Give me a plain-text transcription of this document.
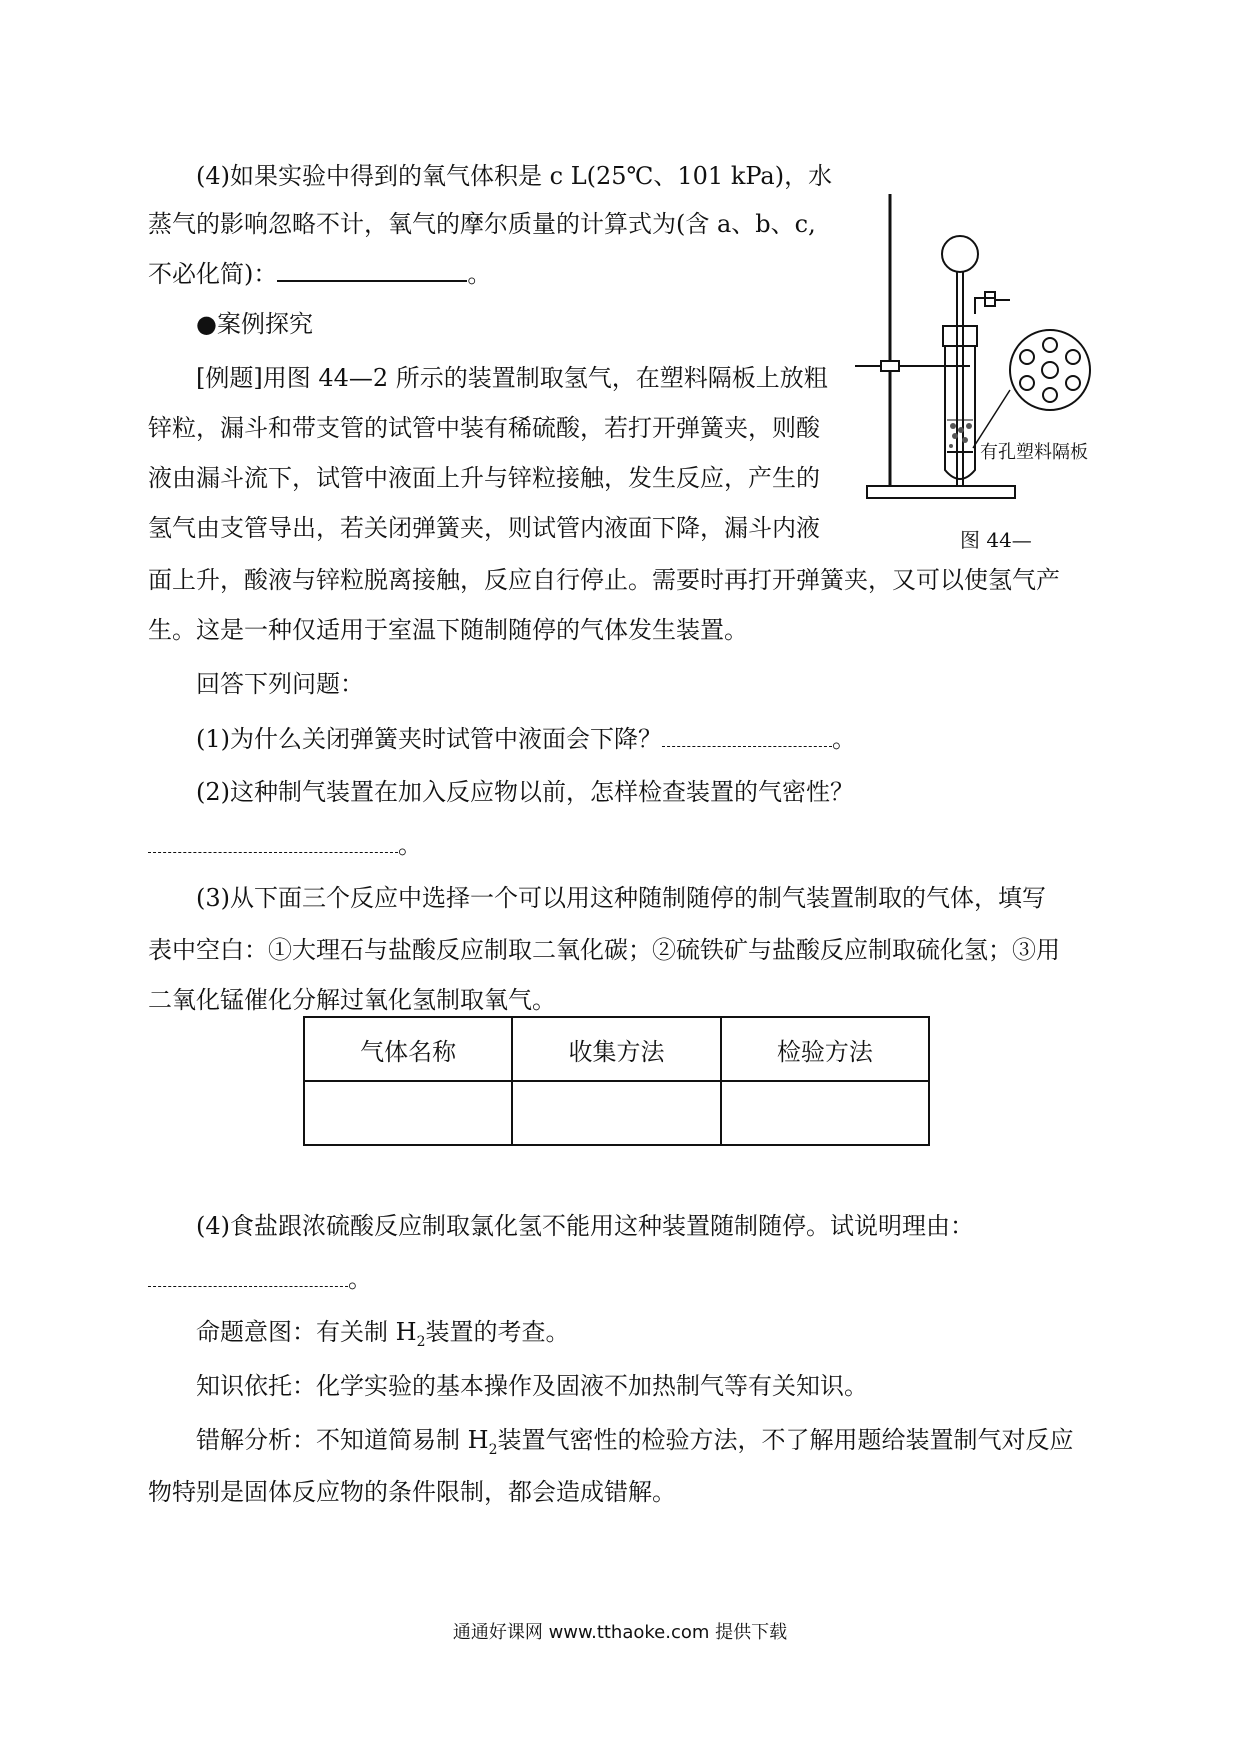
(4)如果实验中得到的氧气体积是 c L(25℃、101 kPa)，水
蒸气的影响忽略不计，氧气的摩尔质量的计算式为(含 a、b、c,
不必化简)：	。
●案例探究
[例题]用图 44—2 所示的装置制取氢气，在塑料隔板上放粗
锌粒，漏斗和带支管的试管中装有稀硫酸，若打开弹簧夹，则酸
液由漏斗流下，试管中液面上升与锌粒接触，发生反应，产生的
氢气由支管导出，若关闭弹簧夹，则试管内液面下降，漏斗内液
面上升，酸液与锌粒脱离接触，反应自行停止。需要时再打开弹簧夹，又可以使氢气产
生。这是一种仅适用于室温下随制随停的气体发生装置。
有孔塑料隔板
图 44—
回答下列问题：
(1)为什么关闭弹簧夹时试管中液面会下降？	。
(2)这种制气装置在加入反应物以前，怎样检查装置的气密性？
。
(3)从下面三个反应中选择一个可以用这种随制随停的制气装置制取的气体，填写
表中空白：①大理石与盐酸反应制取二氧化碳；②硫铁矿与盐酸反应制取硫化氢；③用
二氧化锰催化分解过氧化氢制取氧气。
气体名称	收集方法	检验方法

(4)食盐跟浓硫酸反应制取氯化氢不能用这种装置随制随停。试说明理由：
。
命题意图：有关制 $H_2$装置的考查。
知识依托：化学实验的基本操作及固液不加热制气等有关知识。
错解分析：不知道简易制 $H_2$装置气密性的检验方法，不了解用题给装置制气对反应
物特别是固体反应物的条件限制，都会造成错解。
通通好课网 www.tthaoke.com 提供下载
